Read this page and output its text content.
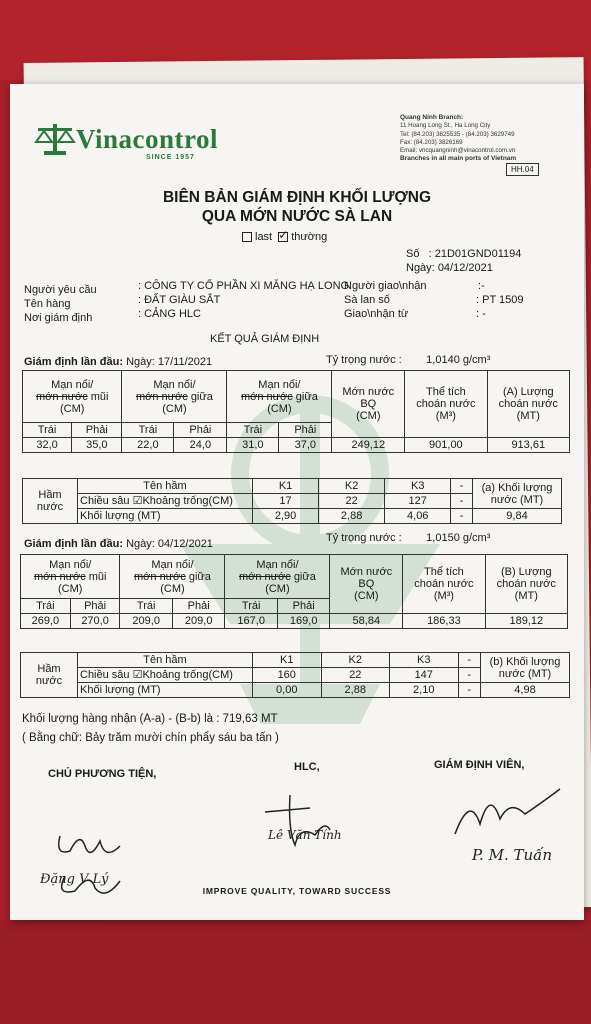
Vinacontrol
SINCE 1957
Quang Ninh Branch:
11 Hoang Long St., Ha Long City
Tel: (84.203) 3825535 - (84.203) 3629749
Fax: (84.203) 3826169
Email: vncquangninh@vinacontrol.com.vn
Branches in all main ports of Vietnam
HH.04
BIÊN BẢN GIÁM ĐỊNH KHỐI LƯỢNG
QUA MỚN NƯỚC SÀ LAN
last ✓ thường
Số : 21D01GND01194
Ngày: 04/12/2021
Người yêu cầu	: CÔNG TY CỔ PHẦN XI MĂNG HẠ LONG
Tên hàng	: ĐẤT GIÀU SẮT
Nơi giám định	: CẢNG HLC
Người giao\nhận	:-
Sà lan số	: PT 1509
Giao\nhận từ	: -
KẾT QUẢ GIÁM ĐỊNH
Giám định lần đầu: Ngày: 17/11/2021	Tỷ trọng nước : 1,0140 g/cm³
Mạn nổi/
mớn nước mũi
(CM)		Mạn nổi/
mớn nước giữa
(CM)		Mạn nổi/
mớn nước giữa
(CM)		Mớn nước
BQ
(CM)	Thể tích
choán nước
(M³)	(A) Lượng
choán nước
(MT)
Trái	Phải	Trái	Phải	Trái	Phải			
32,0	35,0	22,0	24,0	31,0	37,0	249,12	901,00	913,61
Hầm
nước	Tên hầm	K1	K2	K3	-	(a) Khối lượng nước (MT)
	Chiều sâu ☑Khoảng trống(CM)	17	22	127	-	
	Khối lượng (MT)	2,90	2,88	4,06	-	9,84
Giám định lần đầu: Ngày: 04/12/2021	Tỷ trọng nước : 1,0150 g/cm³
Mạn nổi/
mớn nước mũi
(CM)		Mạn nổi/
mớn nước giữa
(CM)		Mạn nổi/
mớn nước giữa
(CM)		Mớn nước
BQ
(CM)	Thể tích
choán nước
(M³)	(B) Lượng
choán nước
(MT)
Trái	Phải	Trái	Phải	Trái	Phải			
269,0	270,0	209,0	209,0	167,0	169,0	58,84	186,33	189,12
Hầm
nước	Tên hầm	K1	K2	K3	-	(b) Khối lượng nước (MT)
	Chiều sâu ☑Khoảng trống(CM)	160	22	147	-	
	Khối lượng (MT)	0,00	2,88	2,10	-	4,98
Khối lượng hàng nhận (A-a) - (B-b) là : 719,63 MT
( Bằng chữ: Bảy trăm mười chín phẩy sáu ba tấn )
CHỦ PHƯƠNG TIỆN,
HLC,	GIÁM ĐỊNH VIÊN,
Đặng V Lý
Lê Văn Tính
P. M. Tuấn
IMPROVE QUALITY, TOWARD SUCCESS
